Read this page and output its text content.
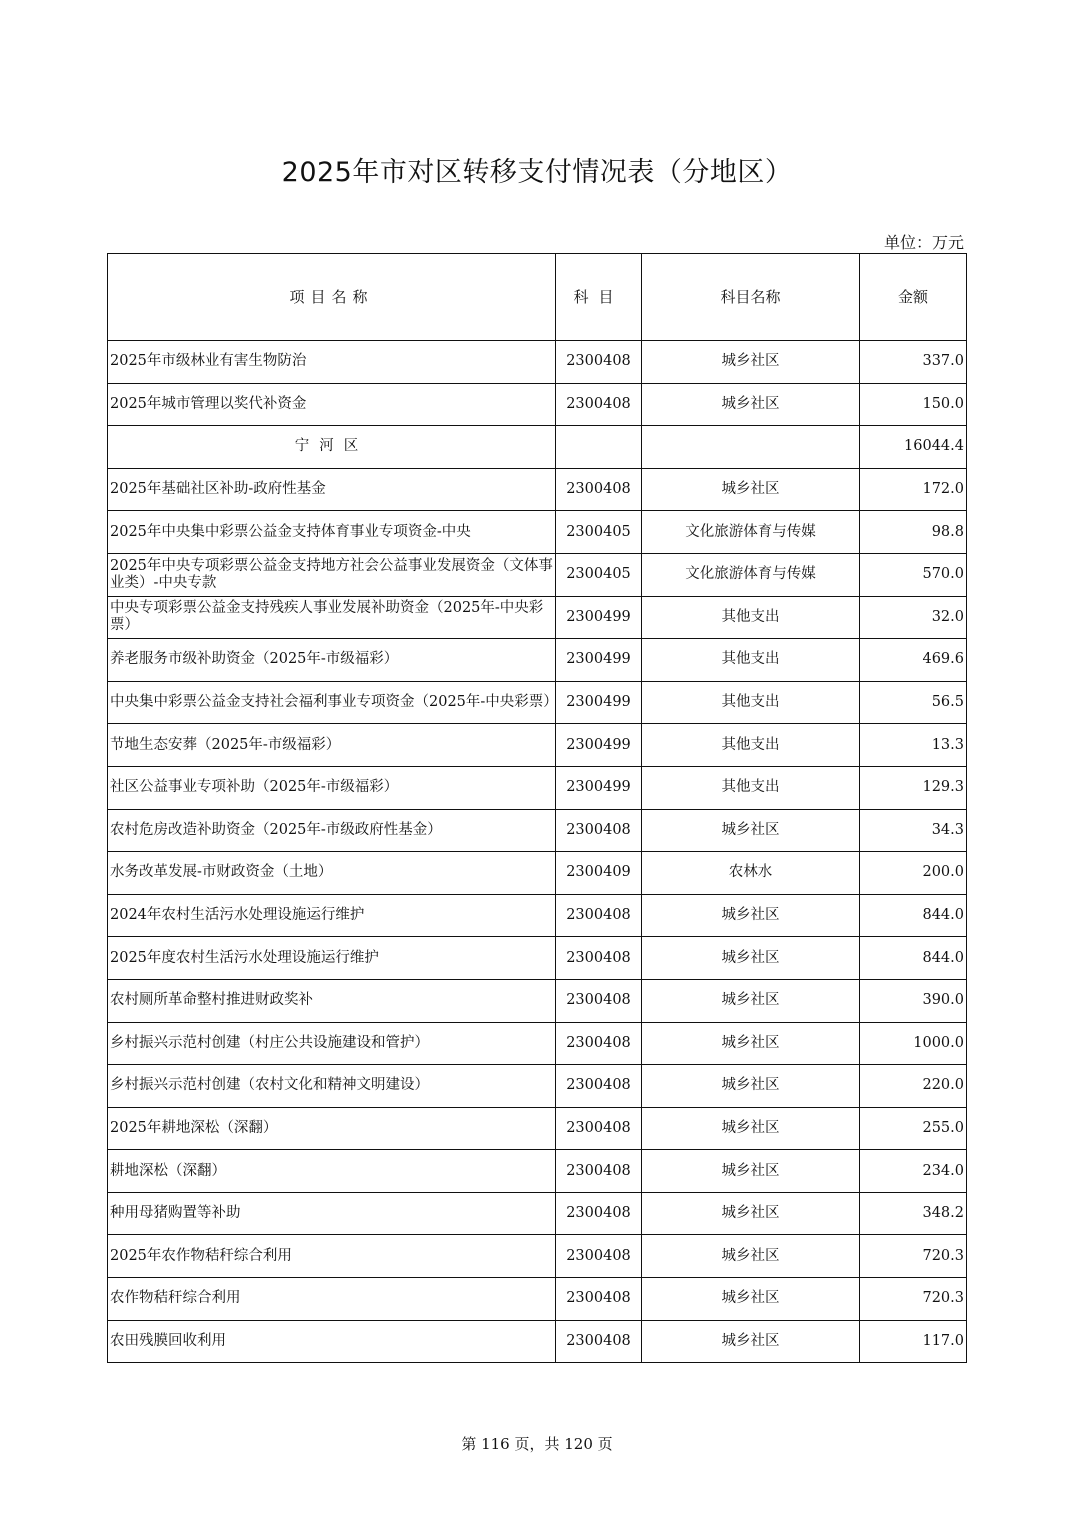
2025年市对区转移支付情况表（分地区）
单位：万元
项目名称	科目	科目名称	金额
2025年市级林业有害生物防治	2300408	城乡社区	337.0
2025年城市管理以奖代补资金	2300408	城乡社区	150.0
宁河区			16044.4
2025年基础社区补助-政府性基金	2300408	城乡社区	172.0
2025年中央集中彩票公益金支持体育事业专项资金-中央	2300405	文化旅游体育与传媒	98.8
2025年中央专项彩票公益金支持地方社会公益事业发展资金（文体事业类）-中央专款	2300405	文化旅游体育与传媒	570.0
中央专项彩票公益金支持残疾人事业发展补助资金（2025年-中央彩票）	2300499	其他支出	32.0
养老服务市级补助资金（2025年-市级福彩）	2300499	其他支出	469.6
中央集中彩票公益金支持社会福利事业专项资金（2025年-中央彩票）	2300499	其他支出	56.5
节地生态安葬（2025年-市级福彩）	2300499	其他支出	13.3
社区公益事业专项补助（2025年-市级福彩）	2300499	其他支出	129.3
农村危房改造补助资金（2025年-市级政府性基金）	2300408	城乡社区	34.3
水务改革发展-市财政资金（土地）	2300409	农林水	200.0
2024年农村生活污水处理设施运行维护	2300408	城乡社区	844.0
2025年度农村生活污水处理设施运行维护	2300408	城乡社区	844.0
农村厕所革命整村推进财政奖补	2300408	城乡社区	390.0
乡村振兴示范村创建（村庄公共设施建设和管护）	2300408	城乡社区	1000.0
乡村振兴示范村创建（农村文化和精神文明建设）	2300408	城乡社区	220.0
2025年耕地深松（深翻）	2300408	城乡社区	255.0
耕地深松（深翻）	2300408	城乡社区	234.0
种用母猪购置等补助	2300408	城乡社区	348.2
2025年农作物秸秆综合利用	2300408	城乡社区	720.3
农作物秸秆综合利用	2300408	城乡社区	720.3
农田残膜回收利用	2300408	城乡社区	117.0
第 116 页，共 120 页
